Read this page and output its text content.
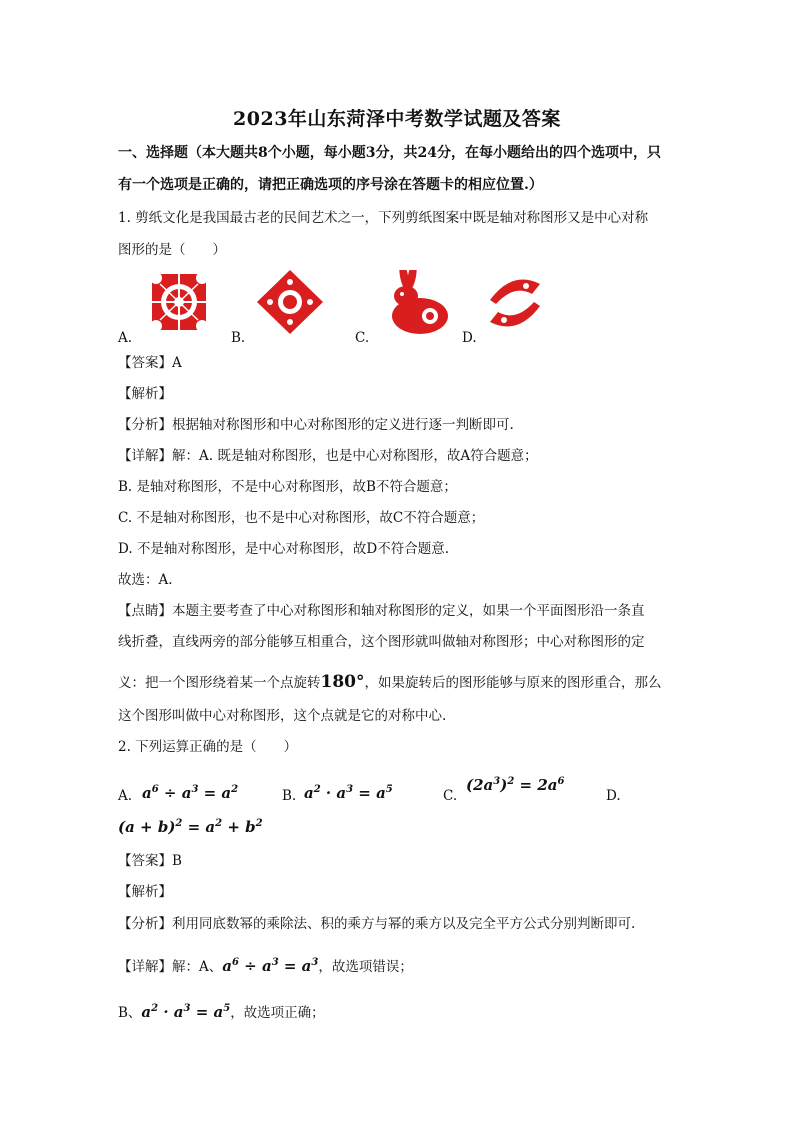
2023年山东菏泽中考数学试题及答案
一、选择题（本大题共8个小题，每小题3分，共24分，在每小题给出的四个选项中，只
有一个选项是正确的，请把正确选项的序号涂在答题卡的相应位置.）
1. 剪纸文化是我国最古老的民间艺术之一，下列剪纸图案中既是轴对称图形又是中心对称
图形的是（　　）
A.	B.	C.	D.
【答案】A
【解析】
【分析】根据轴对称图形和中心对称图形的定义进行逐一判断即可.
【详解】解：A. 既是轴对称图形，也是中心对称图形，故A符合题意；
B. 是轴对称图形，不是中心对称图形，故B不符合题意；
C. 不是轴对称图形，也不是中心对称图形，故C不符合题意；
D. 不是轴对称图形，是中心对称图形，故D不符合题意.
故选：A.
【点睛】本题主要考查了中心对称图形和轴对称图形的定义，如果一个平面图形沿一条直
线折叠，直线两旁的部分能够互相重合，这个图形就叫做轴对称图形；中心对称图形的定
义：把一个图形绕着某一个点旋转180°，如果旋转后的图形能够与原来的图形重合，那么
这个图形叫做中心对称图形，这个点就是它的对称中心.
2. 下列运算正确的是（　　）
A. $a^6 \div a^3 = a^2$	B. $a^2 \cdot a^3 = a^5$	C.
$(2a^3)^2 = 2a^6$
D.
$(a + b)^2 = a^2 + b^2$
【答案】B
【解析】
【分析】利用同底数幂的乘除法、积的乘方与幂的乘方以及完全平方公式分别判断即可.
【详解】解：A、$a^6 \div a^3 = a^3$，故选项错误；
B、$a^2 \cdot a^3 = a^5$，故选项正确；
